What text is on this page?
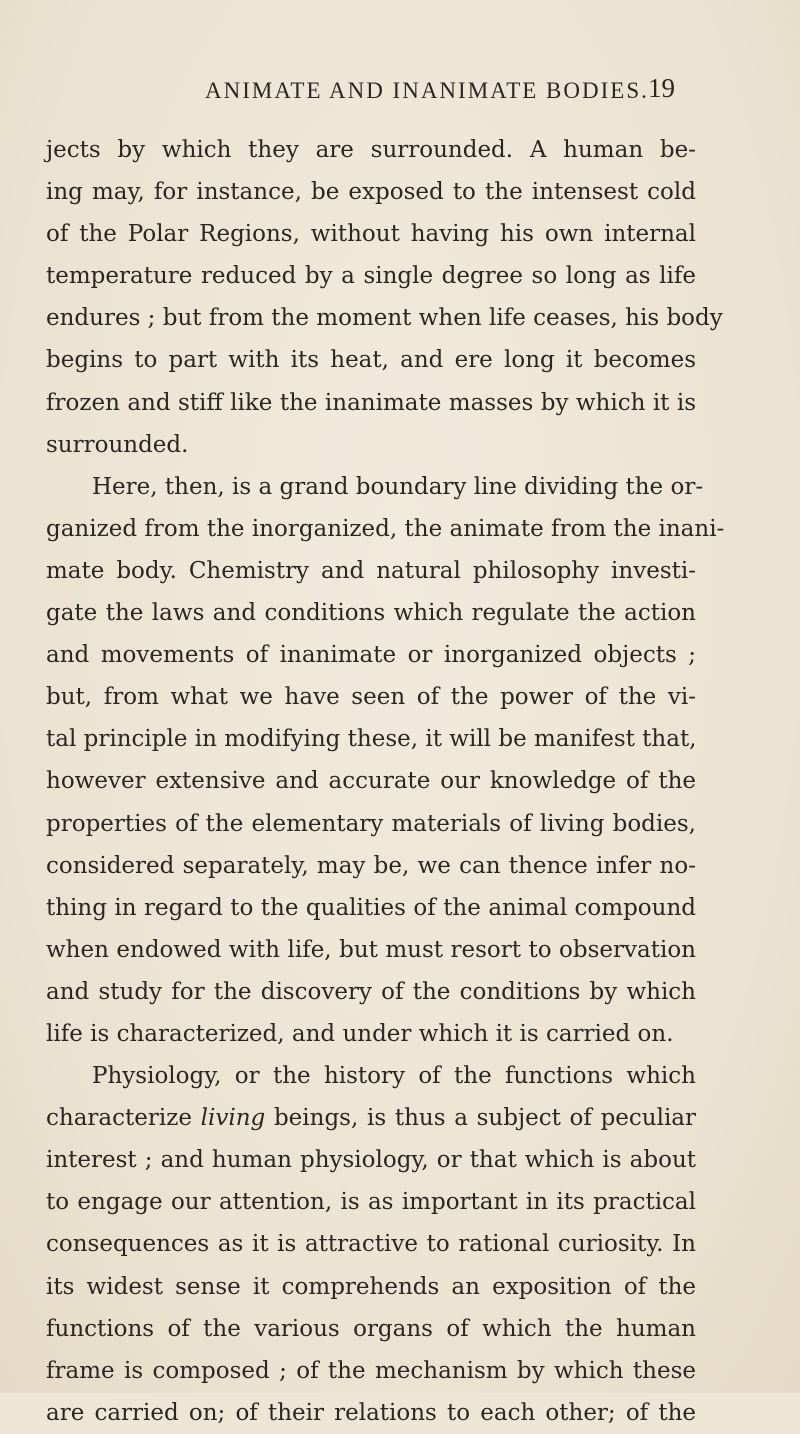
ANIMATE AND INANIMATE BODIES. 19
jects by which they are surrounded. A human be-
ing may, for instance, be exposed to the intensest cold
of the Polar Regions, without having his own internal
temperature reduced by a single degree so long as life
endures ; but from the moment when life ceases, his body
begins to part with its heat, and ere long it becomes
frozen and stiff like the inanimate masses by which it is
surrounded.
Here, then, is a grand boundary line dividing the or-
ganized from the inorganized, the animate from the inani-
mate body. Chemistry and natural philosophy investi-
gate the laws and conditions which regulate the action
and movements of inanimate or inorganized objects ;
but, from what we have seen of the power of the vi-
tal principle in modifying these, it will be manifest that,
however extensive and accurate our knowledge of the
properties of the elementary materials of living bodies,
considered separately, may be, we can thence infer no-
thing in regard to the qualities of the animal compound
when endowed with life, but must resort to observation
and study for the discovery of the conditions by which
life is characterized, and under which it is carried on.
Physiology, or the history of the functions which
characterize living beings, is thus a subject of peculiar
interest ; and human physiology, or that which is about
to engage our attention, is as important in its practical
consequences as it is attractive to rational curiosity. In
its widest sense it comprehends an exposition of the
functions of the various organs of which the human
frame is composed ; of the mechanism by which these
are carried on; of their relations to each other; of the
